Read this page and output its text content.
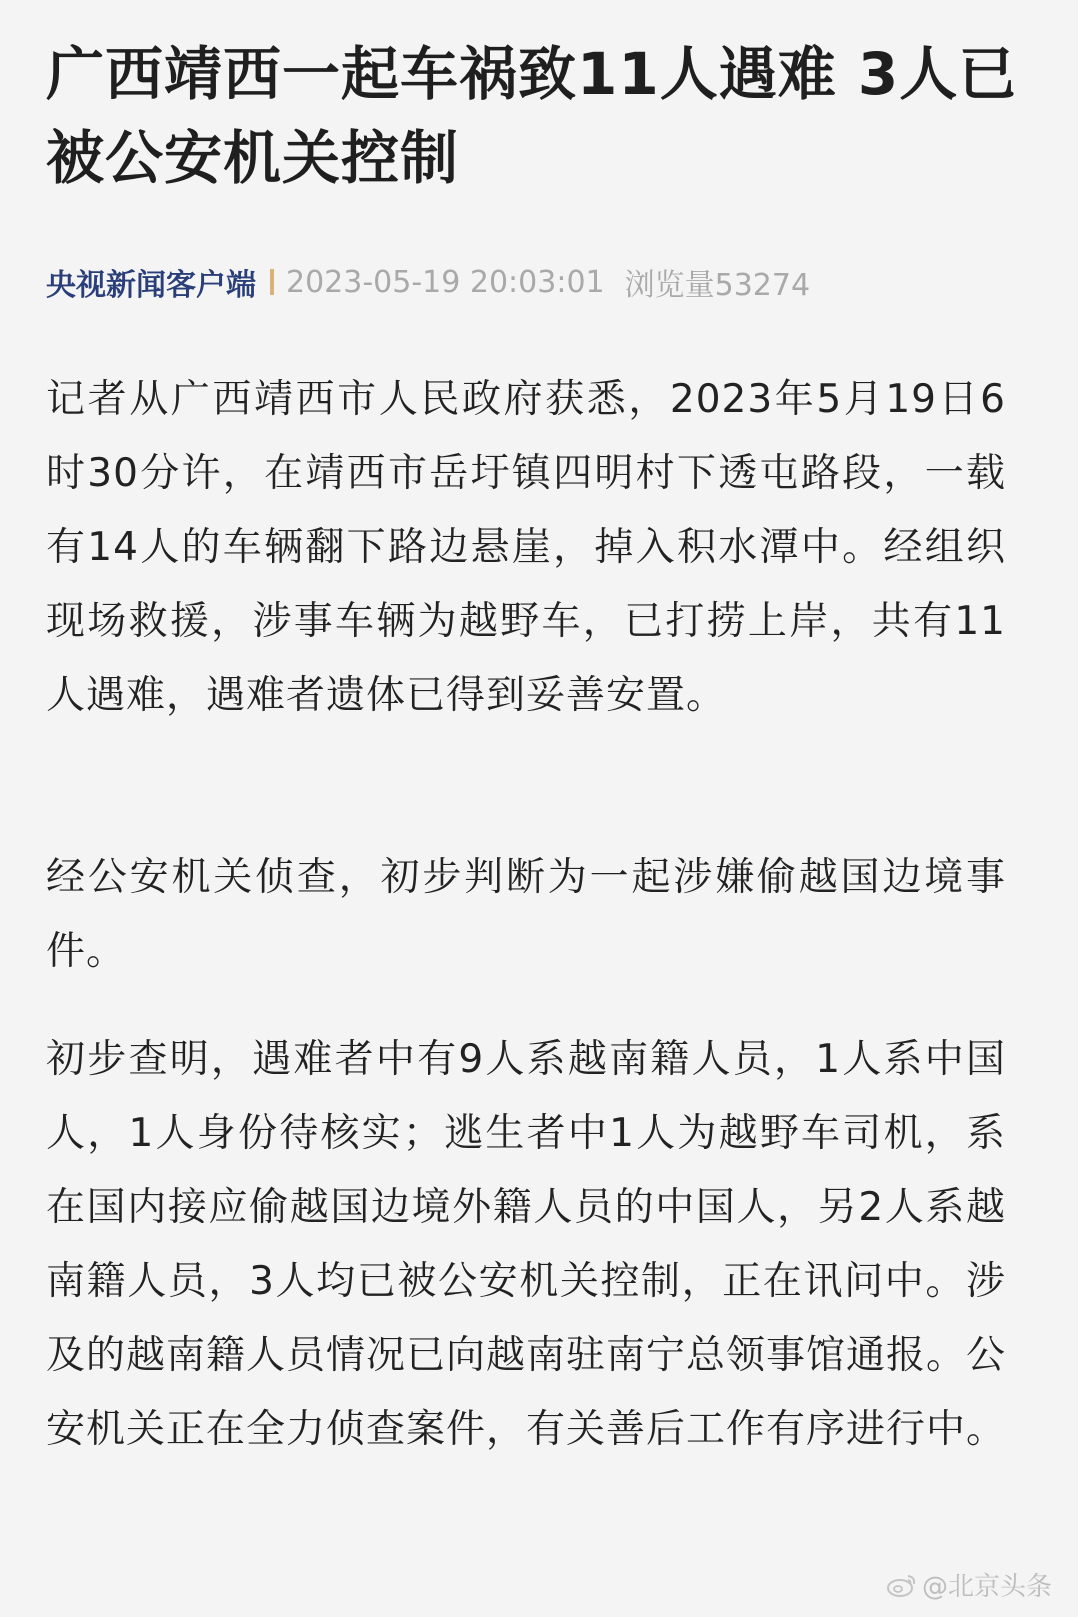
广西靖西一起车祸致11人遇难 3人已被公安机关控制
央视新闻客户端 2023-05-19 20:03:01 浏览量53274

记者从广西靖西市人民政府获悉，2023年5月19日6时30分许，在靖西市岳圩镇四明村下透屯路段，一载有14人的车辆翻下路边悬崖，掉入积水潭中。经组织现场救援，涉事车辆为越野车，已打捞上岸，共有11人遇难，遇难者遗体已得到妥善安置。

经公安机关侦查，初步判断为一起涉嫌偷越国边境事件。

初步查明，遇难者中有9人系越南籍人员，1人系中国人，1人身份待核实；逃生者中1人为越野车司机，系在国内接应偷越国边境外籍人员的中国人，另2人系越南籍人员，3人均已被公安机关控制，正在讯问中。涉及的越南籍人员情况已向越南驻南宁总领事馆通报。公安机关正在全力侦查案件，有关善后工作有序进行中。

@北京头条
